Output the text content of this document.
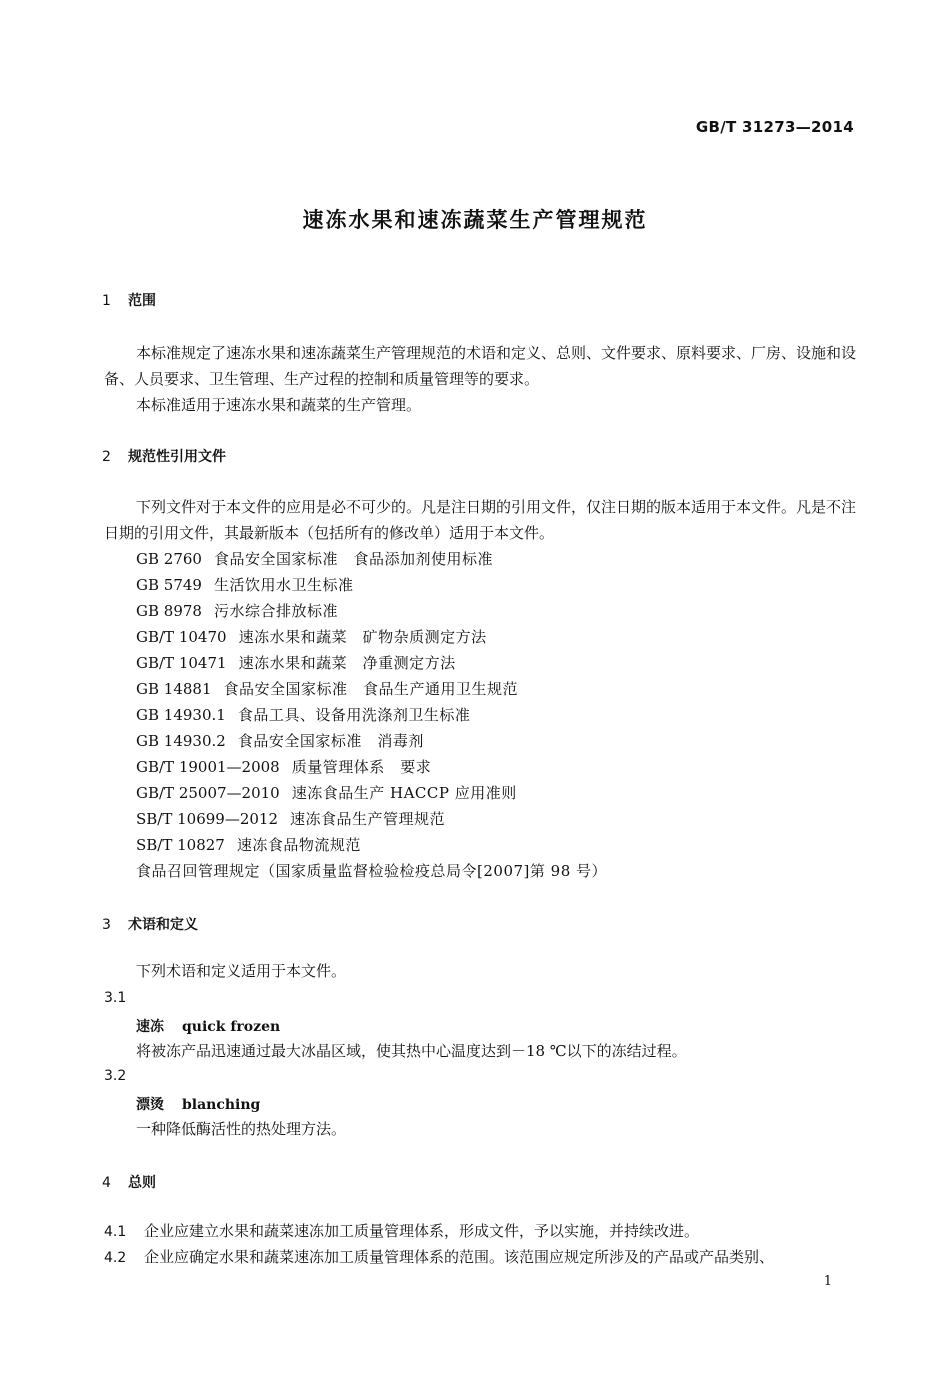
GB/T 31273—2014
速冻水果和速冻蔬菜生产管理规范
1 范围

本标准规定了速冻水果和速冻蔬菜生产管理规范的术语和定义、总则、文件要求、原料要求、厂房、设施和设备、人员要求、卫生管理、生产过程的控制和质量管理等的要求。

本标准适用于速冻水果和蔬菜的生产管理。

2 规范性引用文件

下列文件对于本文件的应用是必不可少的。凡是注日期的引用文件，仅注日期的版本适用于本文件。凡是不注日期的引用文件，其最新版本（包括所有的修改单）适用于本文件。

GB 2760 食品安全国家标准　食品添加剂使用标准
GB 5749 生活饮用水卫生标准
GB 8978 污水综合排放标准
GB/T 10470 速冻水果和蔬菜　矿物杂质测定方法
GB/T 10471 速冻水果和蔬菜　净重测定方法
GB 14881 食品安全国家标准　食品生产通用卫生规范
GB 14930.1 食品工具、设备用洗涤剂卫生标准
GB 14930.2 食品安全国家标准　消毒剂
GB/T 19001—2008 质量管理体系　要求
GB/T 25007—2010 速冻食品生产 HACCP 应用准则
SB/T 10699—2012 速冻食品生产管理规范
SB/T 10827 速冻食品物流规范
食品召回管理规定（国家质量监督检验检疫总局令[2007]第 98 号）
3 术语和定义
下列术语和定义适用于本文件。
3.1
速冻 quick frozen
将被冻产品迅速通过最大冰晶区域，使其热中心温度达到－18 ℃以下的冻结过程。
3.2
漂烫 blanching
一种降低酶活性的热处理方法。
4 总则
4.1 企业应建立水果和蔬菜速冻加工质量管理体系，形成文件，予以实施，并持续改进。
4.2 企业应确定水果和蔬菜速冻加工质量管理体系的范围。该范围应规定所涉及的产品或产品类别、
1
